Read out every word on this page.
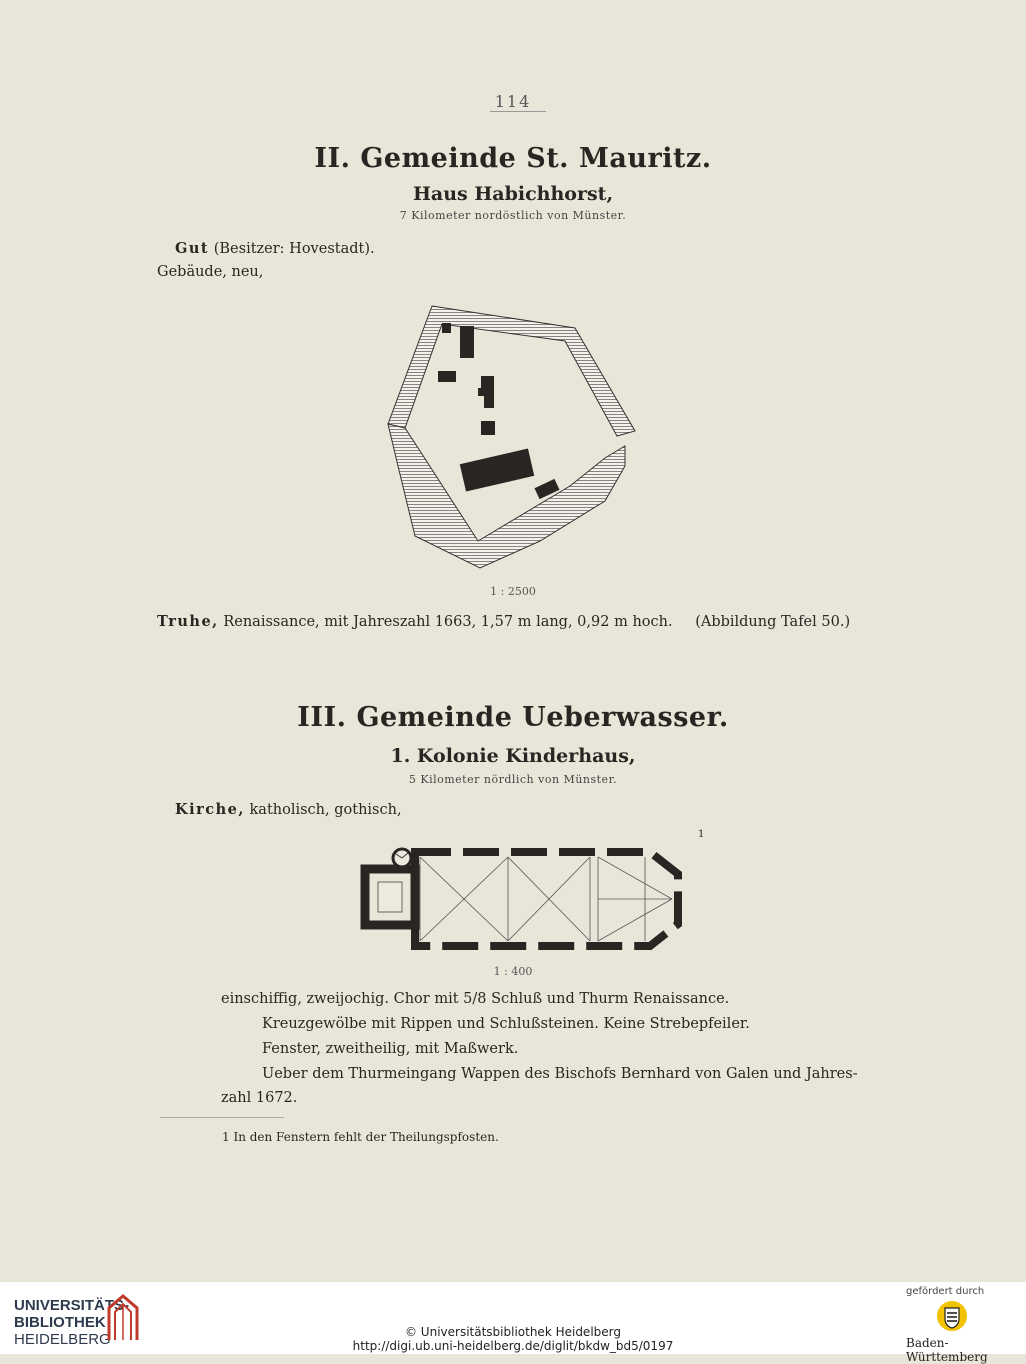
114
II. Gemeinde St. Mauritz.
Haus Habichhorst,
7 Kilometer nordöstlich von Münster.
Gut (Besitzer: Hovestadt).
Gebäude, neu,
1 : 2500
Truhe, Renaissance, mit Jahreszahl 1663, 1,57 m lang, 0,92 m hoch. (Abbildung Tafel 50.)
III. Gemeinde Ueberwasser.
1. Kolonie Kinderhaus,
5 Kilometer nördlich von Münster.
Kirche, katholisch, gothisch,
1
1 : 400
einschiffig, zweijochig. Chor mit 5/8 Schluß und Thurm Renaissance.
Kreuzgewölbe mit Rippen und Schlußsteinen. Keine Strebepfeiler.
Fenster, zweitheilig, mit Maßwerk.
Ueber dem Thurmeingang Wappen des Bischofs Bernhard von Galen und Jahres-
zahl 1672.
1 In den Fenstern fehlt der Theilungspfosten.
UNIVERSITÄTS-
BIBLIOTHEK
HEIDELBERG	© Universitätsbibliothek Heidelberg
http://digi.ub.uni-heidelberg.de/diglit/bkdw_bd5/0197
gefördert durch
Baden-Württemberg
